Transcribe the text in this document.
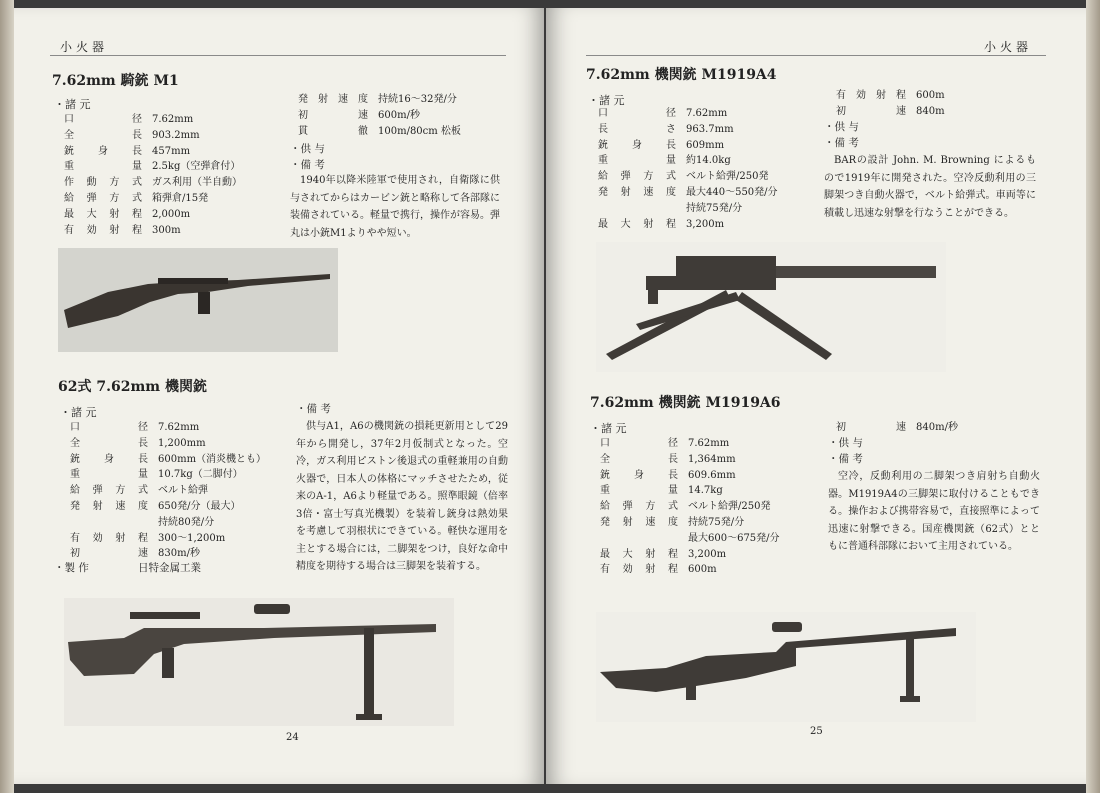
小火器
7.62mm 騎銃 M1
・諸 元
口 径	7.62mm
全 長	903.2mm
銃身長	457mm
重 量	2.5kg（空弾倉付）
作動方式	ガス利用（半自動）
給弾方式	箱弾倉/15発
最大射程	2,000m
有効射程	300m
発射速度	持続16～32発/分
初 速	600m/秒
貫 徹	100m/80cm 松板
・供 与
・備 考
1940年以降米陸軍で使用され，自衛隊に供与されてからはカービン銃と略称して各部隊に装備されている。軽量で携行，操作が容易。弾丸は小銃M1よりやや短い。
62式 7.62mm 機関銃
・諸 元
口 径	7.62mm
全 長	1,200mm
銃身長	600mm（消炎機とも）
重 量	10.7kg（二脚付）
給弾方式	ベルト給弾
発射速度	650発/分（最大）
持続80発/分
有効射程	300～1,200m
初 速	830m/秒
・製 作	日特金属工業
・備 考
供与A1，A6の機関銃の損耗更新用として29年から開発し，37年2月仮制式となった。空冷，ガス利用ピストン後退式の重軽兼用の自動火器で，日本人の体格にマッチさせたため，従来のA-1，A6より軽量である。照準眼鏡（倍率3倍・富士写真光機製）を装着し銃身は熱効果を考慮して羽根状にできている。軽快な運用を主とする場合には，二脚架をつけ，良好な命中精度を期待する場合は三脚架を装着する。
24
小火器
7.62mm 機関銃 M1919A4
・諸 元
口 径	7.62mm
長 さ	963.7mm
銃身長	609mm
重 量	約14.0kg
給弾方式	ベルト給弾/250発
発射速度	最大440～550発/分
持続75発/分
最大射程	3,200m
有効射程	600m
初 速	840m
・供 与
・備 考
BARの設計 John. M. Browning によるもので1919年に開発された。空冷反動利用の三脚架つき自動火器で，ベルト給弾式。車両等に積載し迅速な射撃を行なうことができる。
7.62mm 機関銃 M1919A6
・諸 元
口 径	7.62mm
全 長	1,364mm
銃身長	609.6mm
重 量	14.7kg
給弾方式	ベルト給弾/250発
発射速度	持続75発/分
最大600～675発/分
最大射程	3,200m
有効射程	600m
初 速	840m/秒
・供 与
・備 考
空冷，反動利用の二脚架つき肩射ち自動火器。M1919A4の三脚架に取付けることもできる。操作および携帯容易で，直接照準によって迅速に射撃できる。国産機関銃（62式）とともに普通科部隊において主用されている。
25
